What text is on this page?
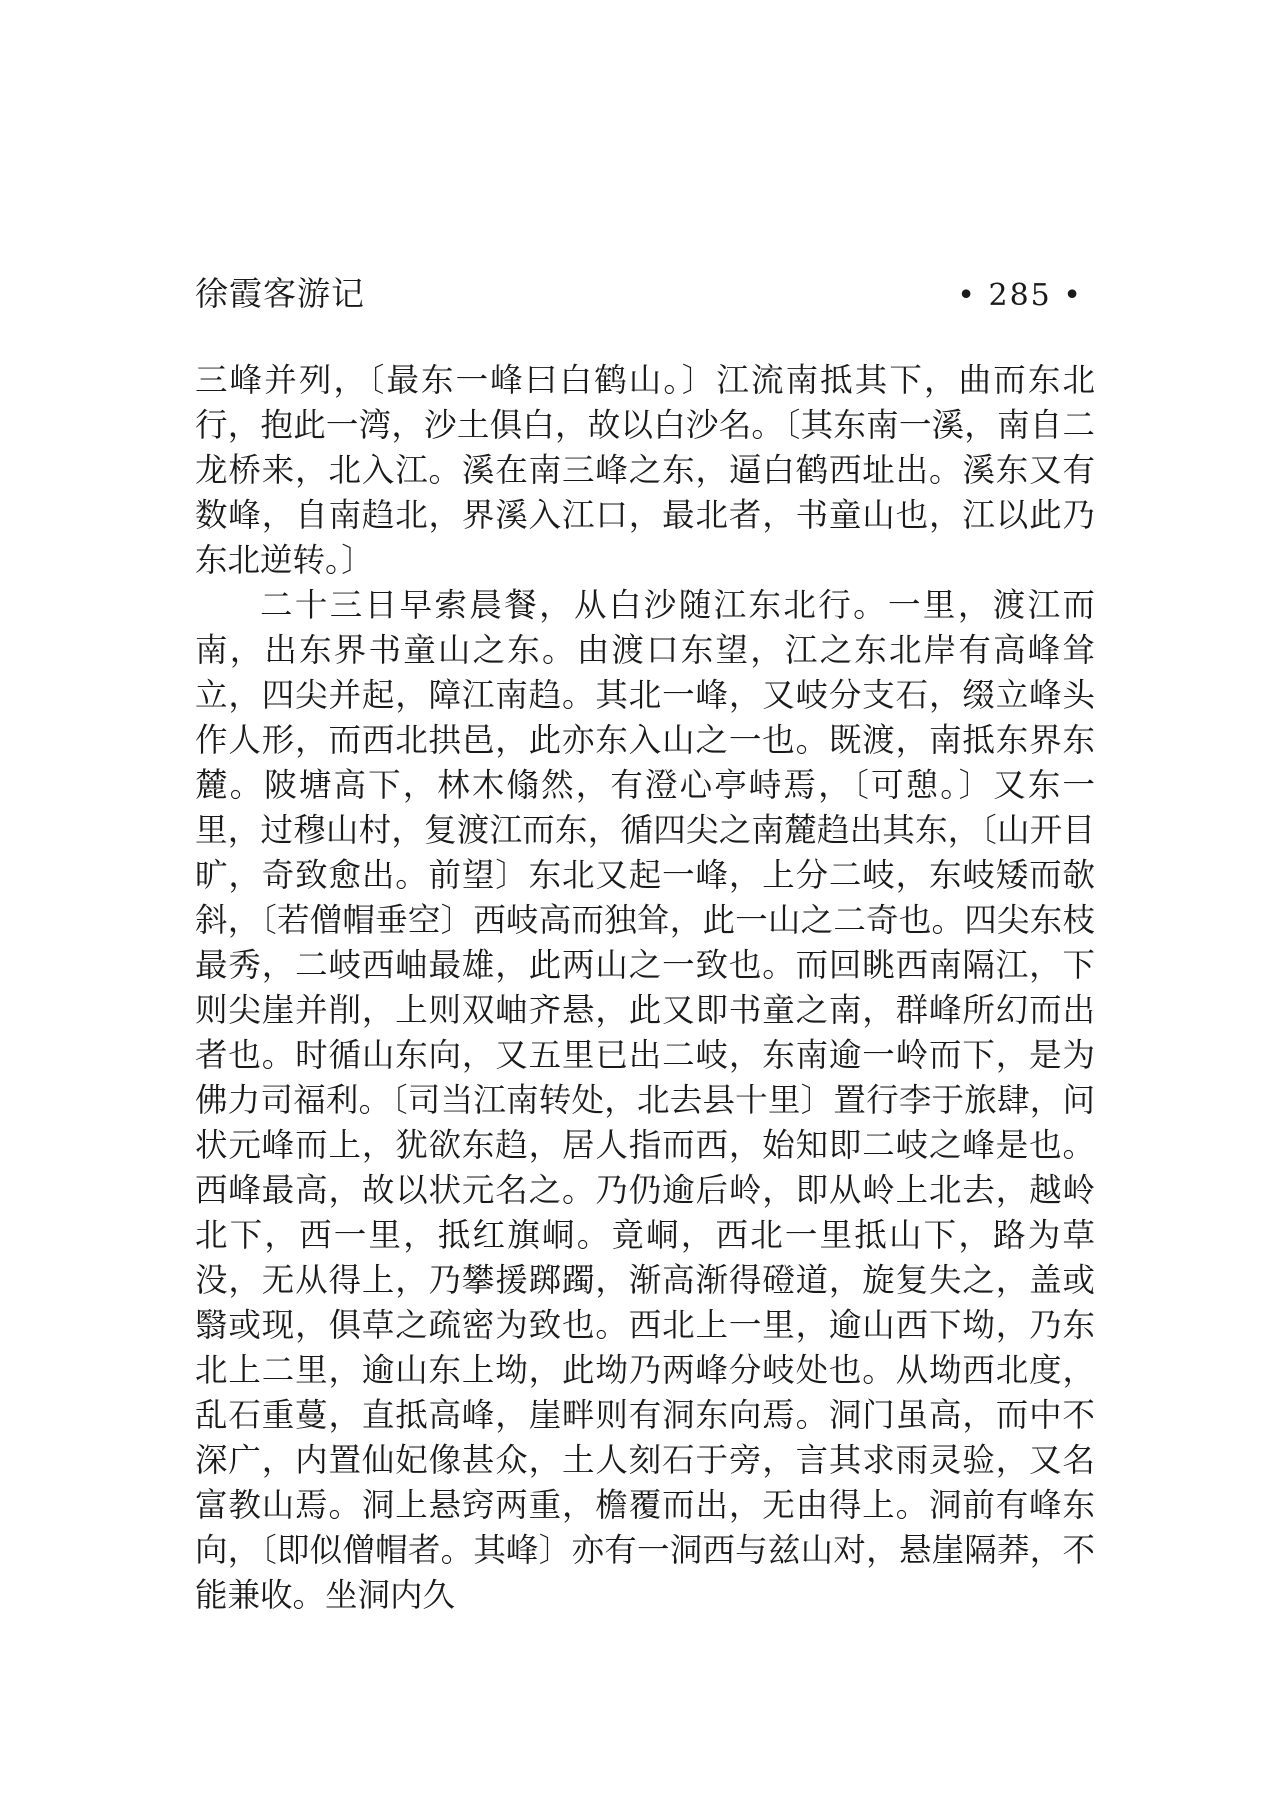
徐霞客游记	• 285 •

三峰并列，〔最东一峰曰白鹤山。〕江流南抵其下，曲而东北行，抱此一湾，沙土俱白，故以白沙名。〔其东南一溪，南自二龙桥来，北入江。溪在南三峰之东，逼白鹤西址出。溪东又有数峰，自南趋北，界溪入江口，最北者，书童山也，江以此乃东北逆转。〕

二十三日早索晨餐，从白沙随江东北行。一里，渡江而南，出东界书童山之东。由渡口东望，江之东北岸有高峰耸立，四尖并起，障江南趋。其北一峰，又岐分支石，缀立峰头作人形，而西北拱邑，此亦东入山之一也。既渡，南抵东界东麓。陂塘高下，林木翛然，有澄心亭峙焉，〔可憩。〕又东一里，过穆山村，复渡江而东，循四尖之南麓趋出其东，〔山开目旷，奇致愈出。前望〕东北又起一峰，上分二岐，东岐矮而欹斜，〔若僧帽垂空〕西岐高而独耸，此一山之二奇也。四尖东枝最秀，二岐西岫最雄，此两山之一致也。而回眺西南隔江，下则尖崖并削，上则双岫齐悬，此又即书童之南，群峰所幻而出者也。时循山东向，又五里已出二岐，东南逾一岭而下，是为佛力司福利。〔司当江南转处，北去县十里〕置行李于旅肆，问状元峰而上，犹欲东趋，居人指而西，始知即二岐之峰是也。西峰最高，故以状元名之。乃仍逾后岭，即从岭上北去，越岭北下，西一里，抵红旗峒。竟峒，西北一里抵山下，路为草没，无从得上，乃攀援踯躅，渐高渐得磴道，旋复失之，盖或翳或现，俱草之疏密为致也。西北上一里，逾山西下坳，乃东北上二里，逾山东上坳，此坳乃两峰分岐处也。从坳西北度，乱石重蔓，直抵高峰，崖畔则有洞东向焉。洞门虽高，而中不深广，内置仙妃像甚众，土人刻石于旁，言其求雨灵验，又名富教山焉。洞上悬窍两重，檐覆而出，无由得上。洞前有峰东向，〔即似僧帽者。其峰〕亦有一洞西与兹山对，悬崖隔莽，不能兼收。坐洞内久
